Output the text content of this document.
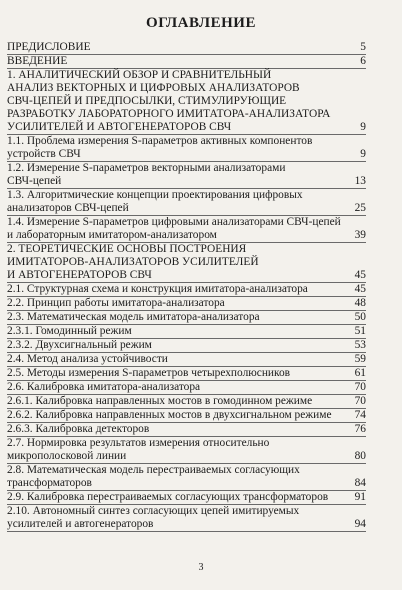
ОГЛАВЛЕНИЕ
ПРЕДИСЛОВИЕ	5
ВВЕДЕНИЕ	6
1. АНАЛИТИЧЕСКИЙ ОБЗОР И СРАВНИТЕЛЬНЫЙ
АНАЛИЗ ВЕКТОРНЫХ И ЦИФРОВЫХ АНАЛИЗАТОРОВ
СВЧ-ЦЕПЕЙ И ПРЕДПОСЫЛКИ, СТИМУЛИРУЮЩИЕ
РАЗРАБОТКУ ЛАБОРАТОРНОГО ИМИТАТОРА-АНАЛИЗАТОРА
УСИЛИТЕЛЕЙ И АВТОГЕНЕРАТОРОВ СВЧ	9
1.1. Проблема измерения S-параметров активных компонентов
устройств СВЧ	9
1.2. Измерение S-параметров векторными анализаторами
СВЧ-цепей	13
1.3. Алгоритмические концепции проектирования цифровых
анализаторов СВЧ-цепей	25
1.4. Измерение S-параметров цифровыми анализаторами СВЧ-цепей
и лабораторным имитатором-анализатором	39
2. ТЕОРЕТИЧЕСКИЕ ОСНОВЫ ПОСТРОЕНИЯ
ИМИТАТОРОВ-АНАЛИЗАТОРОВ УСИЛИТЕЛЕЙ
И АВТОГЕНЕРАТОРОВ СВЧ	45
2.1. Структурная схема и конструкция имитатора-анализатора	45
2.2. Принцип работы имитатора-анализатора	48
2.3. Математическая модель имитатора-анализатора	50
2.3.1. Гомодинный режим	51
2.3.2. Двухсигнальный режим	53
2.4. Метод анализа устойчивости	59
2.5. Методы измерения S-параметров четырехполюсников	61
2.6. Калибровка имитатора-анализатора	70
2.6.1. Калибровка направленных мостов в гомодинном режиме	70
2.6.2. Калибровка направленных мостов в двухсигнальном режиме 74
2.6.3. Калибровка детекторов	76
2.7. Нормировка результатов измерения относительно
микрополосковой линии	80
2.8. Математическая модель перестраиваемых согласующих
трансформаторов	84
2.9. Калибровка перестраиваемых согласующих трансформаторов 91
2.10. Автономный синтез согласующих цепей имитируемых
усилителей и автогенераторов	94
3
